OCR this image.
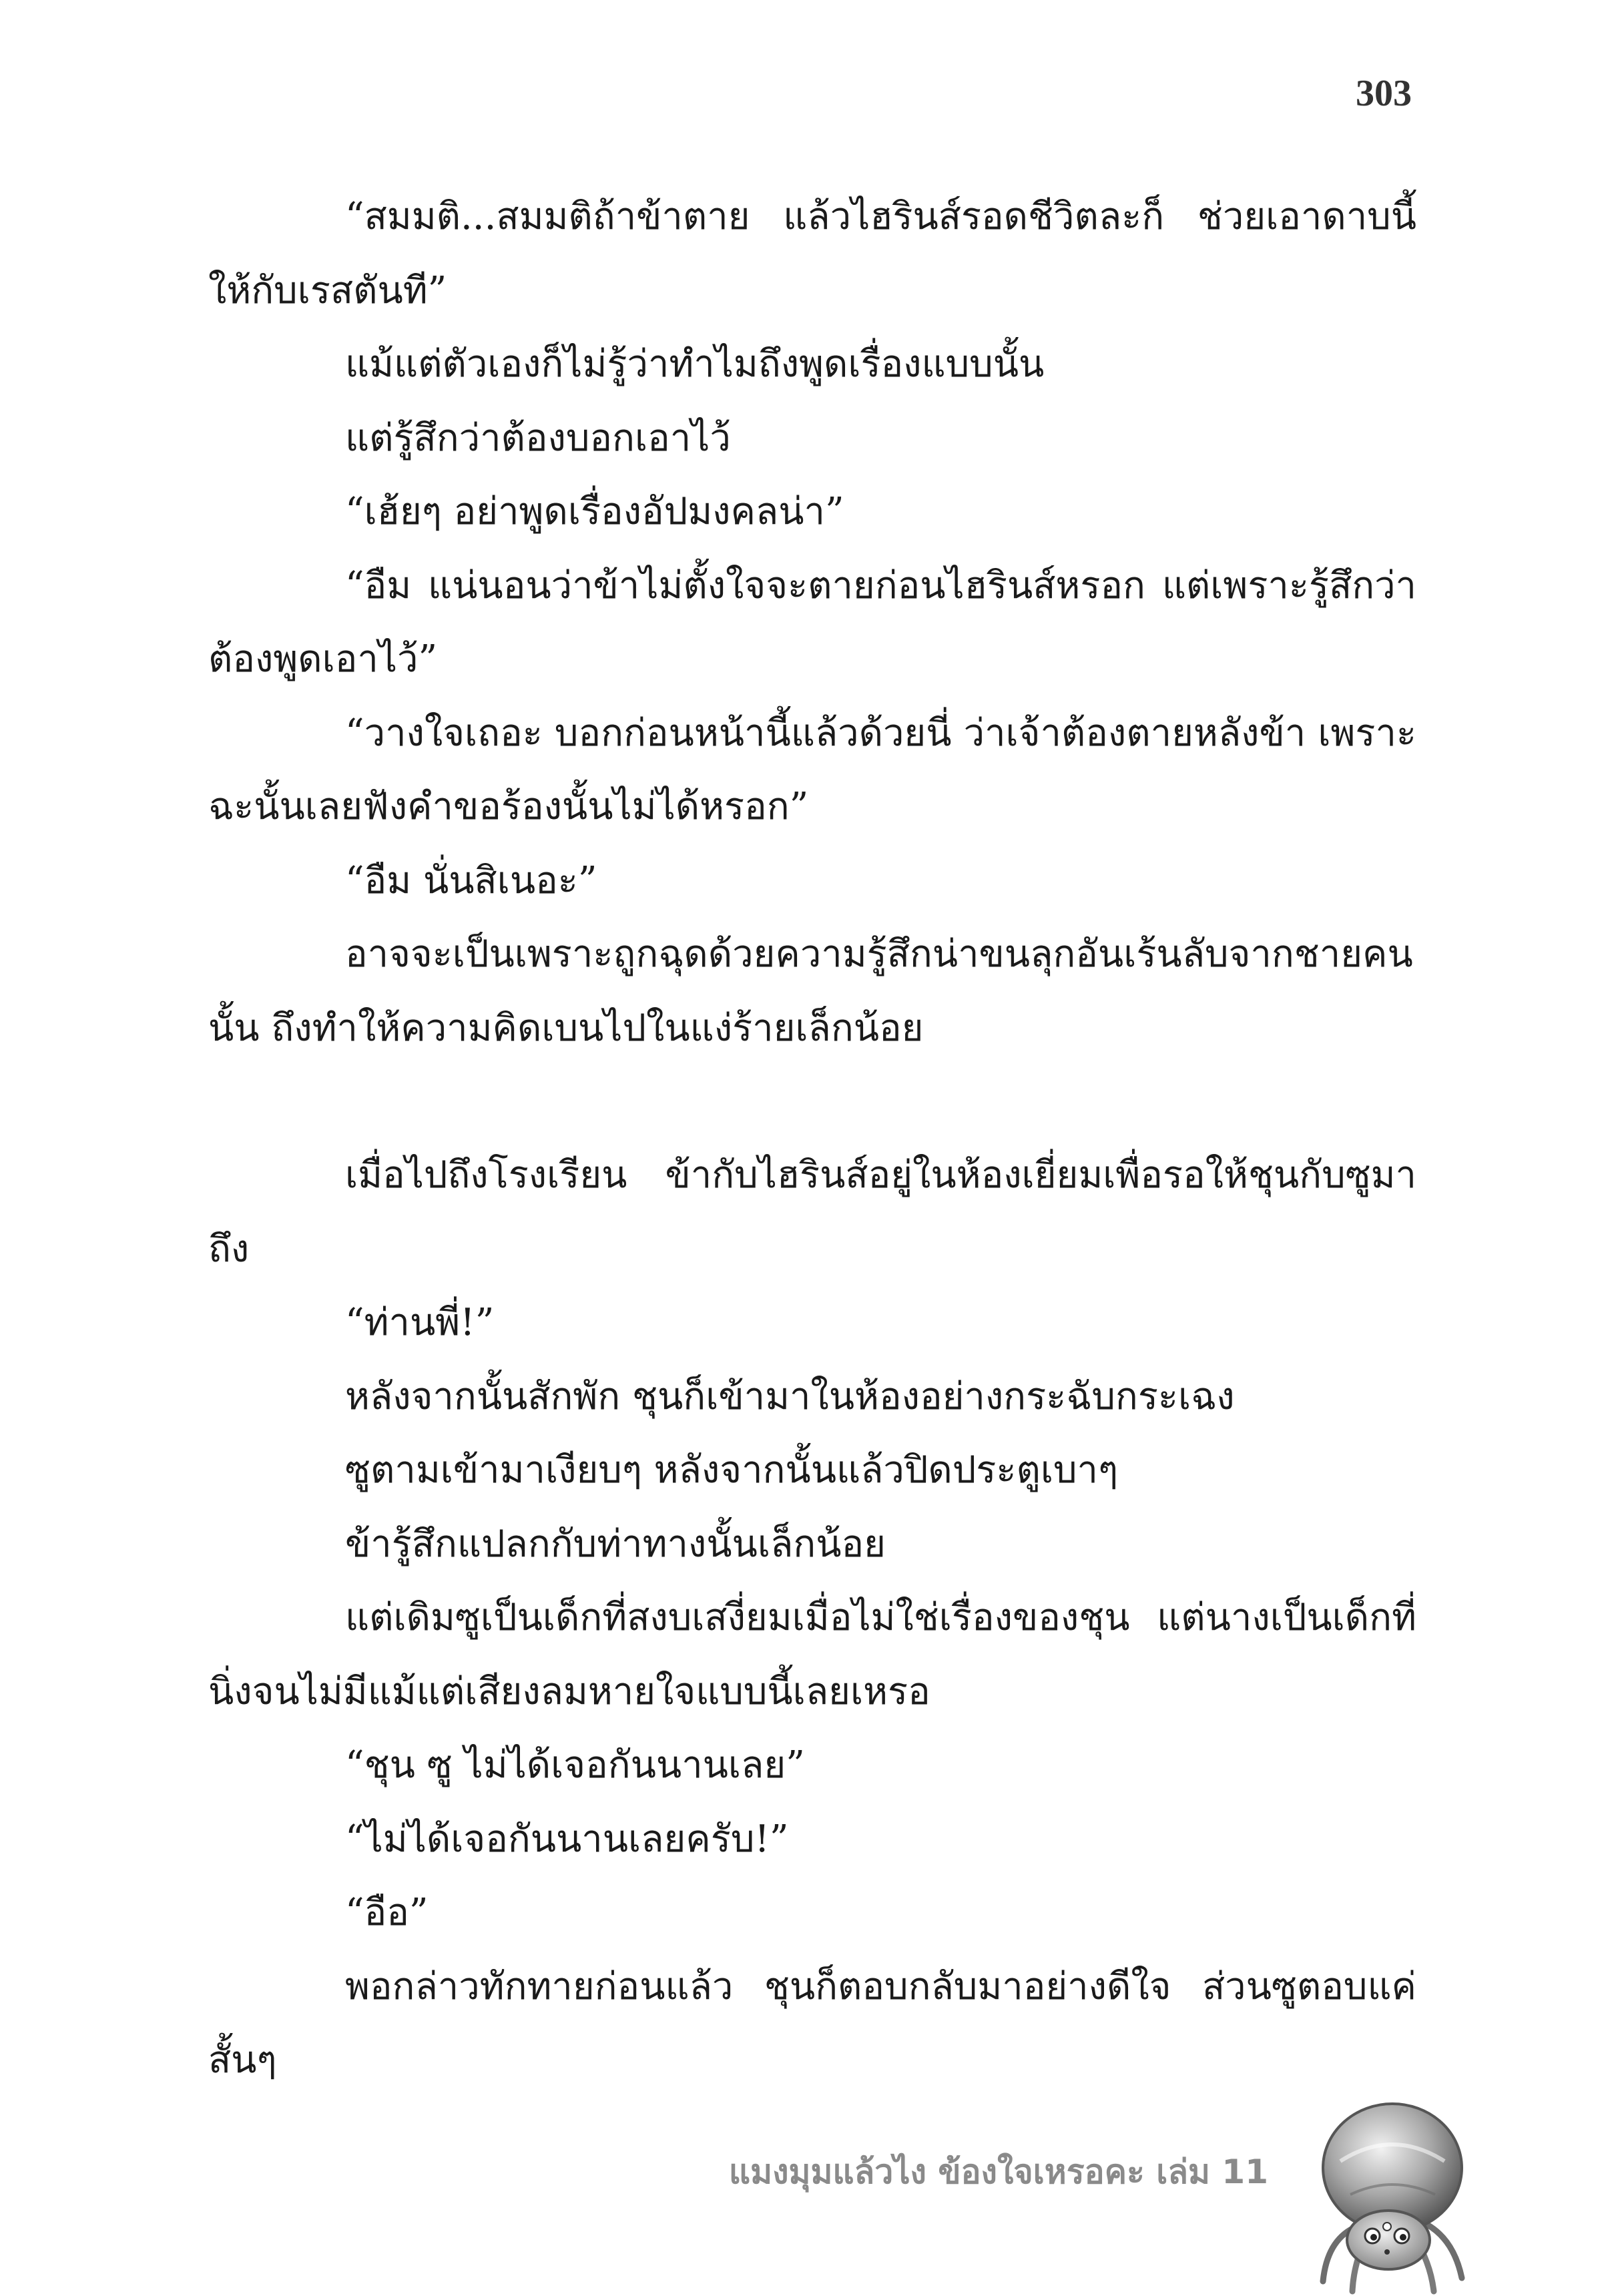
303

“สมมติ...สมมติถ้าข้าตาย แล้วไฮรินส์รอดชีวิตละก็ ช่วยเอาดาบนี้ให้กับเรสตันที”

แม้แต่ตัวเองก็ไม่รู้ว่าทำไมถึงพูดเรื่องแบบนั้น

แต่รู้สึกว่าต้องบอกเอาไว้

“เฮ้ยๆ อย่าพูดเรื่องอัปมงคลน่า”

“อืม แน่นอนว่าข้าไม่ตั้งใจจะตายก่อนไฮรินส์หรอก แต่เพราะรู้สึกว่าต้องพูดเอาไว้”

“วางใจเถอะ บอกก่อนหน้านี้แล้วด้วยนี่ ว่าเจ้าต้องตายหลังข้า เพราะฉะนั้นเลยฟังคำขอร้องนั้นไม่ได้หรอก”

“อืม นั่นสิเนอะ”

อาจจะเป็นเพราะถูกฉุดด้วยความรู้สึกน่าขนลุกอันเร้นลับจากชายคนนั้น ถึงทำให้ความคิดเบนไปในแง่ร้ายเล็กน้อย

เมื่อไปถึงโรงเรียน ข้ากับไฮรินส์อยู่ในห้องเยี่ยมเพื่อรอให้ชุนกับซูมาถึง

“ท่านพี่!”

หลังจากนั้นสักพัก ชุนก็เข้ามาในห้องอย่างกระฉับกระเฉง

ซูตามเข้ามาเงียบๆ หลังจากนั้นแล้วปิดประตูเบาๆ

ข้ารู้สึกแปลกกับท่าทางนั้นเล็กน้อย

แต่เดิมซูเป็นเด็กที่สงบเสงี่ยมเมื่อไม่ใช่เรื่องของชุน แต่นางเป็นเด็กที่นิ่งจนไม่มีแม้แต่เสียงลมหายใจแบบนี้เลยเหรอ

“ชุน ซู ไม่ได้เจอกันนานเลย”

“ไม่ได้เจอกันนานเลยครับ!”

“อือ”

พอกล่าวทักทายก่อนแล้ว ชุนก็ตอบกลับมาอย่างดีใจ ส่วนซูตอบแค่สั้นๆ

แมงมุมแล้วไง ข้องใจเหรอคะ เล่ม 11
